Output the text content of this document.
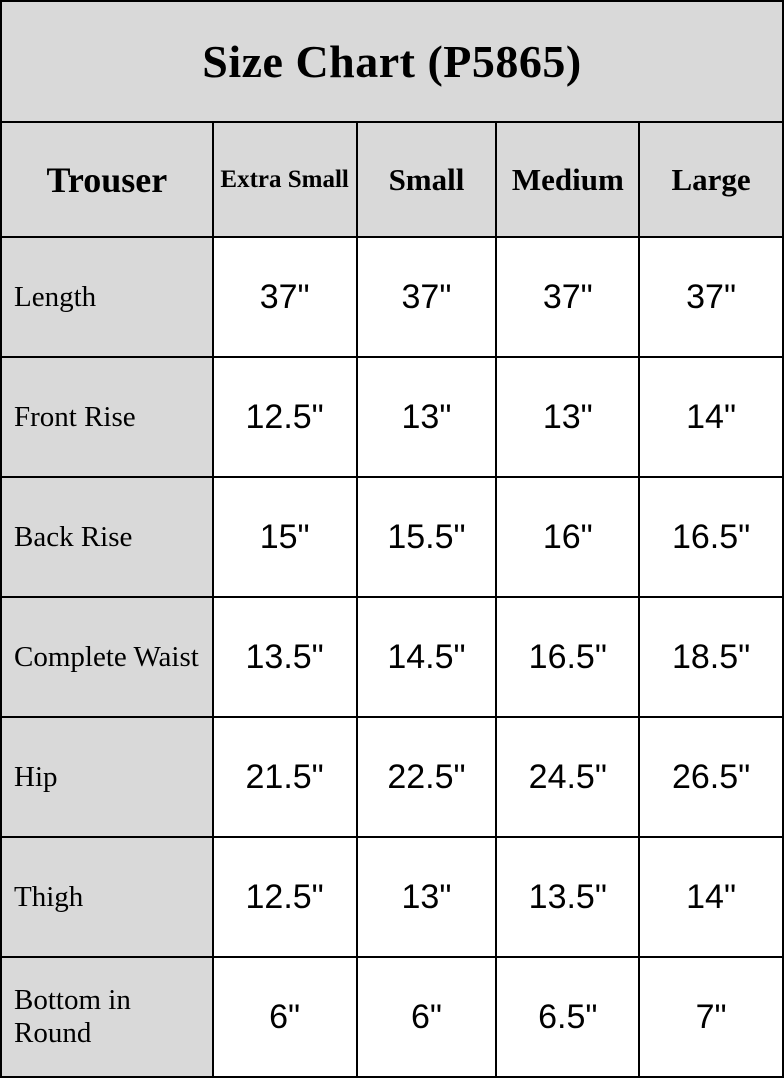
Size Chart (P5865)
Trouser	Extra Small	Small	Medium	Large
Length	37"	37"	37"	37"
Front Rise	12.5"	13"	13"	14"
Back Rise	15"	15.5"	16"	16.5"
Complete Waist	13.5"	14.5"	16.5"	18.5"
Hip	21.5"	22.5"	24.5"	26.5"
Thigh	12.5"	13"	13.5"	14"
Bottom in Round	6"	6"	6.5"	7"
